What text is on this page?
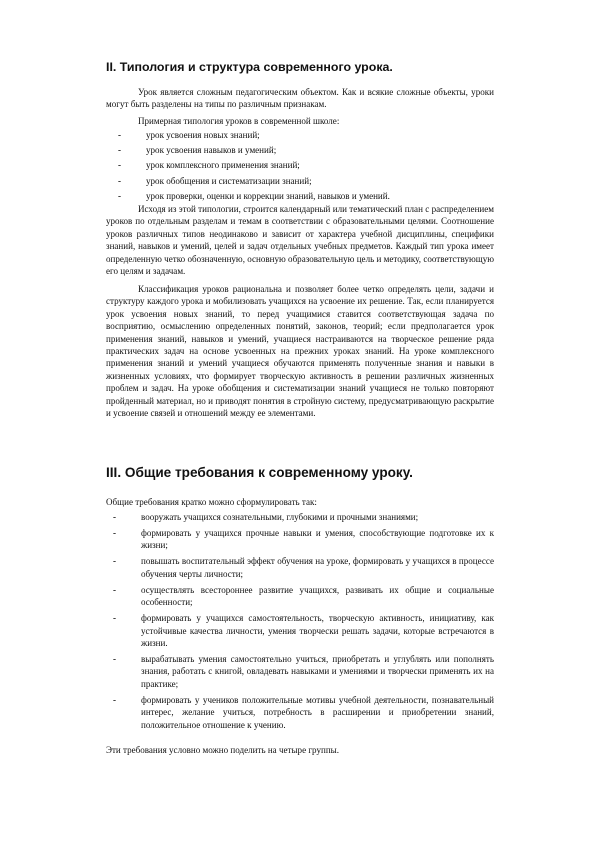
II. Типология и структура современного урока.

Урок является сложным педагогическим объектом. Как и всякие сложные объекты, уроки могут быть разделены на типы по различным признакам.

Примерная типология уроков в современной школе:

- урок усвоения новых знаний;
- урок усвоения навыков и умений;
- урок комплексного применения знаний;
- урок обобщения и систематизации знаний;
- урок проверки, оценки и коррекции знаний, навыков и умений.

Исходя из этой типологии, строится календарный или тематический план с распределением уроков по отдельным разделам и темам в соответствии с образовательными целями. Соотношение уроков различных типов неодинаково и зависит от характера учебной дисциплины, специфики знаний, навыков и умений, целей и задач отдельных учебных предметов. Каждый тип урока имеет определенную четко обозначенную, основную образовательную цель и методику, соответствующую его целям и задачам.

Классификация уроков рациональна и позволяет более четко определять цели, задачи и структуру каждого урока и мобилизовать учащихся на усвоение их решение. Так, если планируется урок усвоения новых знаний, то перед учащимися ставится соответствующая задача по восприятию, осмыслению определенных понятий, законов, теорий; если предполагается урок применения знаний, навыков и умений, учащиеся настраиваются на творческое решение ряда практических задач на основе усвоенных на прежних уроках знаний. На уроке комплексного применения знаний и умений учащиеся обучаются применять полученные знания и навыки в жизненных условиях, что формирует творческую активность в решении различных жизненных проблем и задач. На уроке обобщения и систематизации знаний учащиеся не только повторяют пройденный материал, но и приводят понятия в стройную систему, предусматривающую раскрытие и усвоение связей и отношений между ее элементами.

III. Общие требования к современному уроку.

Общие требования кратко можно сформулировать так:

- вооружать учащихся сознательными, глубокими и прочными знаниями;
- формировать у учащихся прочные навыки и умения, способствующие подготовке их к жизни;
- повышать воспитательный эффект обучения на уроке, формировать у учащихся в процессе обучения черты личности;
- осуществлять всестороннее развитие учащихся, развивать их общие и социальные особенности;
- формировать у учащихся самостоятельность, творческую активность, инициативу, как устойчивые качества личности, умения творчески решать задачи, которые встречаются в жизни.
- вырабатывать умения самостоятельно учиться, приобретать и углублять или пополнять знания, работать с книгой, овладевать навыками и умениями и творчески применять их на практике;
- формировать у учеников положительные мотивы учебной деятельности, познавательный интерес, желание учиться, потребность в расширении и приобретении знаний, положительное отношение к учению.

Эти требования условно можно поделить на четыре группы.
